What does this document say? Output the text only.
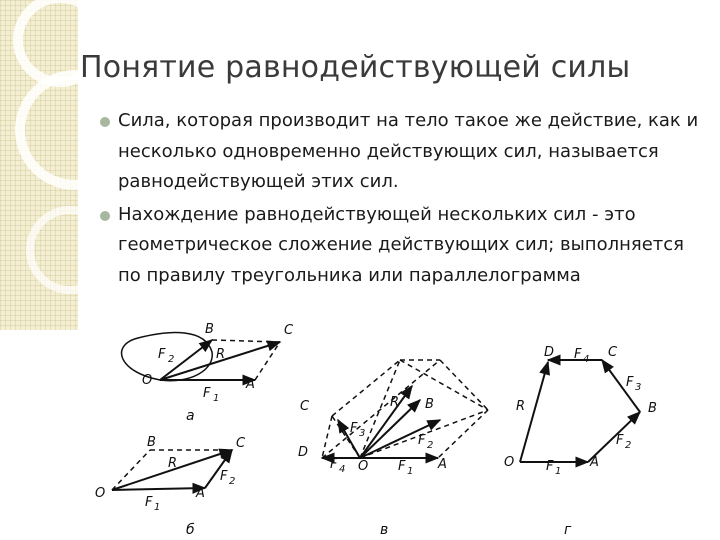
Понятие равнодействующей силы
Сила, которая производит на тело такое же действие, как и несколько одновременно действующих сил, называется равнодействующей этих сил.
Нахождение равнодействующей нескольких сил - это геометрическое сложение действующих сил; выполняется по правилу треугольника или параллелограмма
B	C
O	A
R
F 2
F 1
а
B	C
O	A
R
F 2
F 1
б
C
D
O	A
B
R
F 3
F 4
F 2
F 1
в
D	C
B
O	A
R
F 4
F 3
F 2
F 1
г
